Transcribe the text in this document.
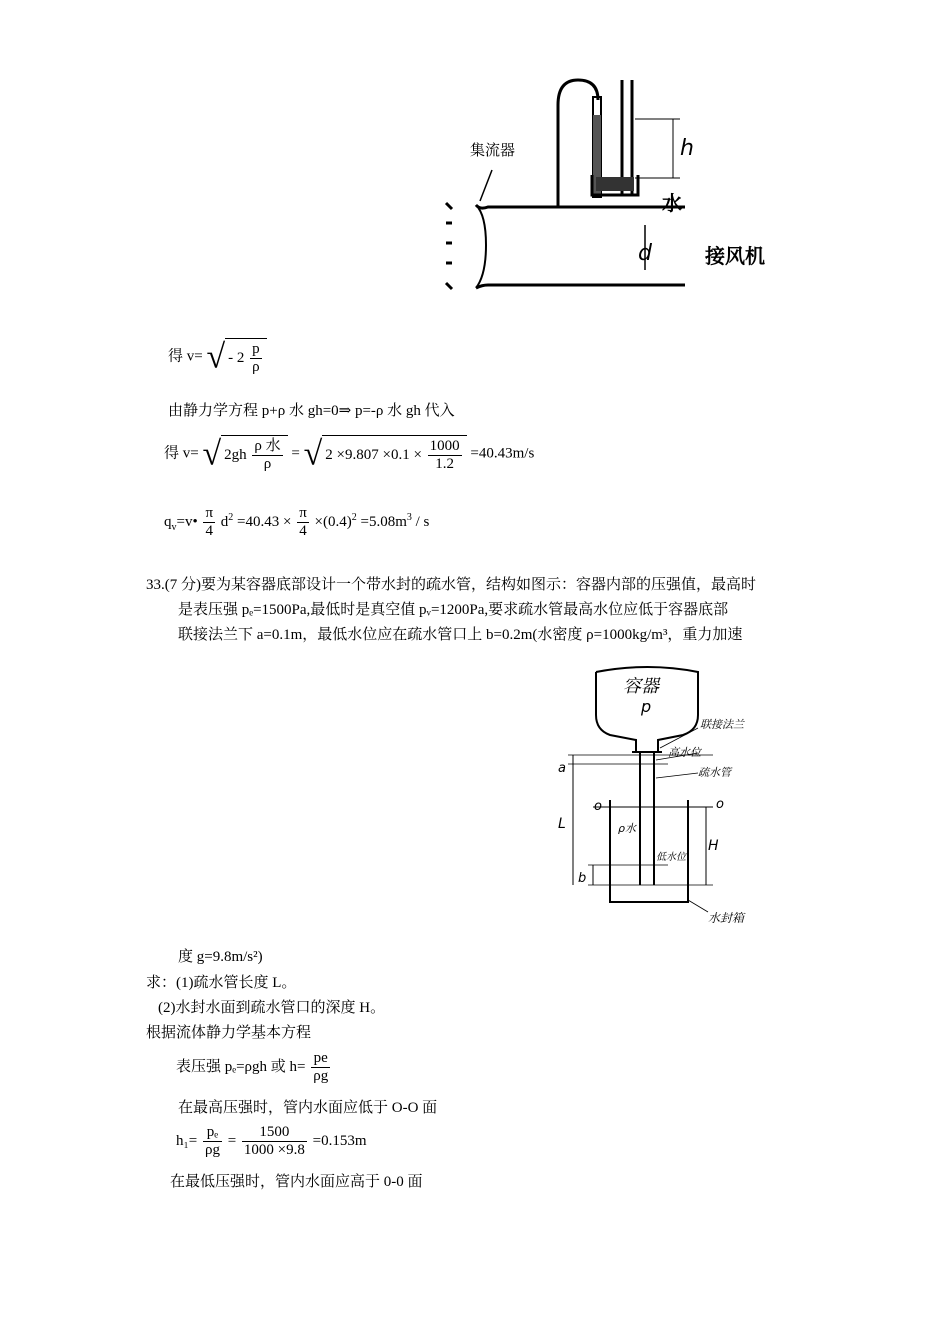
集流器	h
水
d	接风机
得 v= √ - $2 \frac{p}{\rho}$
由静力学方程 p+ρ 水 gh=0⇒ p=-ρ 水 gh 代入
得 v= √ $2gh \frac{\text{ρ 水}}{\rho}$ = √ $2 \times 9.807 \times 0.1 \times \frac{1000}{1.2} =40.43m/s$
$q_v=v• \frac{\pi}{4} d^2 =40.43 \times \frac{\pi}{4} \times(0.4)^2 =5.08m^3 / s$
33.(7 分)要为某容器底部设计一个带水封的疏水管，结构如图示：容器内部的压强值，最高时
是表压强 pₑ=1500Pa,最低时是真空值 pᵥ=1200Pa,要求疏水管最高水位应低于容器底部
联接法兰下 a=0.1m，最低水位应在疏水管口上 b=0.2m(水密度 ρ=1000kg/m³，重力加速
容器
p
联接法兰
高水位
疏水管
a
o	o
ρ水
L
H
低水位
b
水封箱
度 g=9.8m/s²)
求：(1)疏水管长度 L。
(2)水封水面到疏水管口的深度 H。
根据流体静力学基本方程
表压强 pₑ=ρgh 或 $h= \frac{pe}{\rho g}$
在最高压强时，管内水面应低于 O-O 面
$h_1= \frac{\text{pₑ}}{\rho g} = \frac{1500}{1000 \times 9.8} =0.153m$
在最低压强时，管内水面应高于 0-0 面
